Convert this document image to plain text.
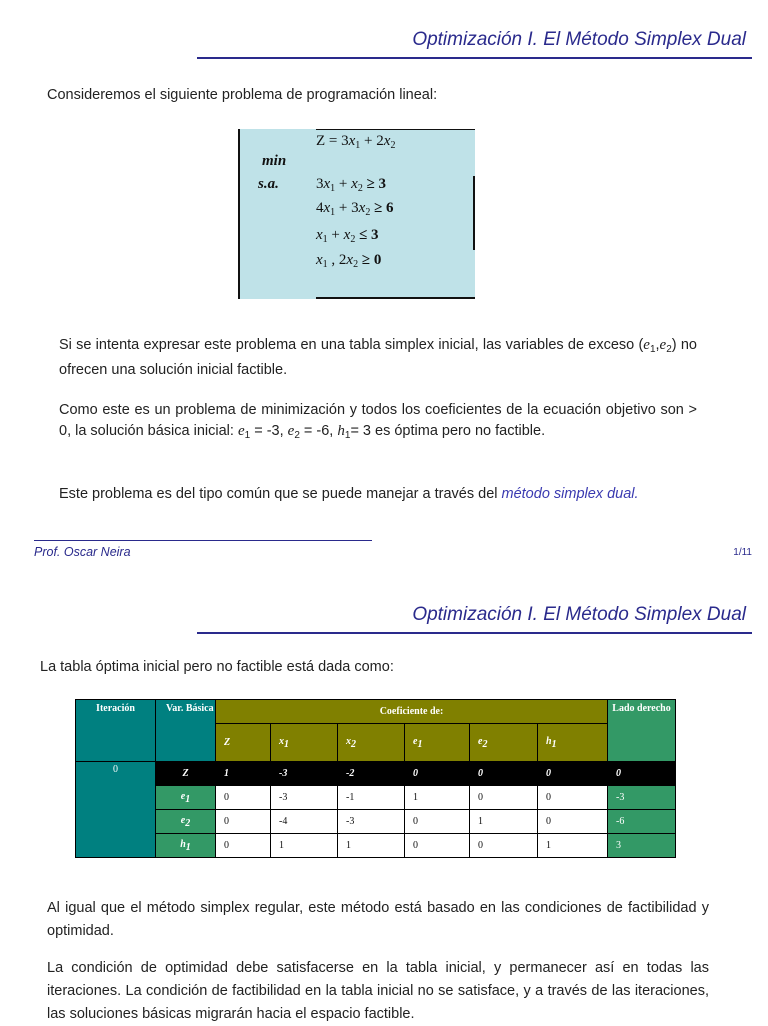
Optimización I. El Método Simplex Dual
Consideremos el siguiente problema de programación lineal:
min
s.a.
$Z = 3x_1 + 2x_2$
$3x_1 + x_2 \ge 3$
$4x_1 + 3x_2 \ge 6$
$x_1 + x_2 \le 3$
$x_1$ , $2x_2 \ge 0$
Si se intenta expresar este problema en una tabla simplex inicial, las variables de exceso $(e_1,e_2)$ no ofrecen una solución inicial factible.
Como este es un problema de minimización y todos los coeficientes de la ecuación objetivo son > 0, la solución básica inicial: $e_1 = -3$, $e_2 = -6$, $h_1= 3$ es óptima pero no factible.
Este problema es del tipo común que se puede manejar a través del método simplex dual.
Prof. Oscar Neira	1/11
Optimización I. El Método Simplex Dual
La tabla óptima inicial pero no factible está dada como:
Iteración	Var. Básica	Coeficiente de:						Lado derecho
		Z	x1	x2	e1	e2	h1	
0	Z	1	-3	-2	0	0	0	0
	e1	0	-3	-1	1	0	0	-3
	e2	0	-4	-3	0	1	0	-6
	h1	0	1	1	0	0	1	3
Al igual que el método simplex regular, este método está basado en las condiciones de factibilidad y optimidad.
La condición de optimidad debe satisfacerse en la tabla inicial, y permanecer así en todas las iteraciones. La condición de factibilidad en la tabla inicial no se satisface, y a través de las iteraciones, las soluciones básicas migrarán hacia el espacio factible.
